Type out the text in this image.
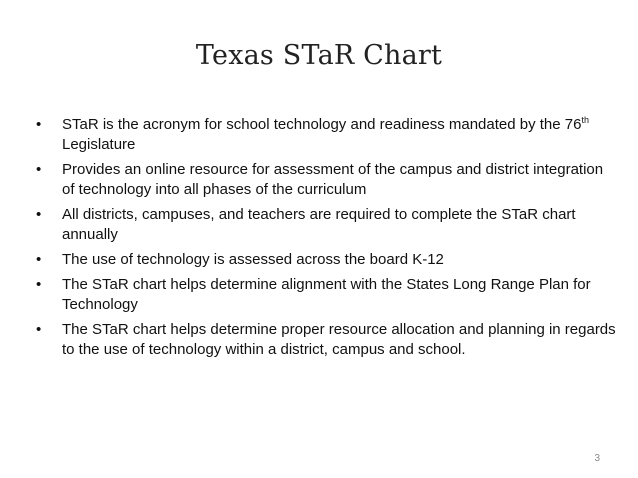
Texas STaR Chart
• STaR is the acronym for school technology and readiness mandated by the 76th Legislature
• Provides an online resource for assessment of the campus and district integration of technology into all phases of the curriculum
• All districts, campuses, and teachers are required to complete the STaR chart annually
• The use of technology is assessed across the board K-12
• The STaR chart helps determine alignment with the States Long Range Plan for Technology
• The STaR chart helps determine proper resource allocation and planning in regards to the use of technology within a district, campus and school.
3
